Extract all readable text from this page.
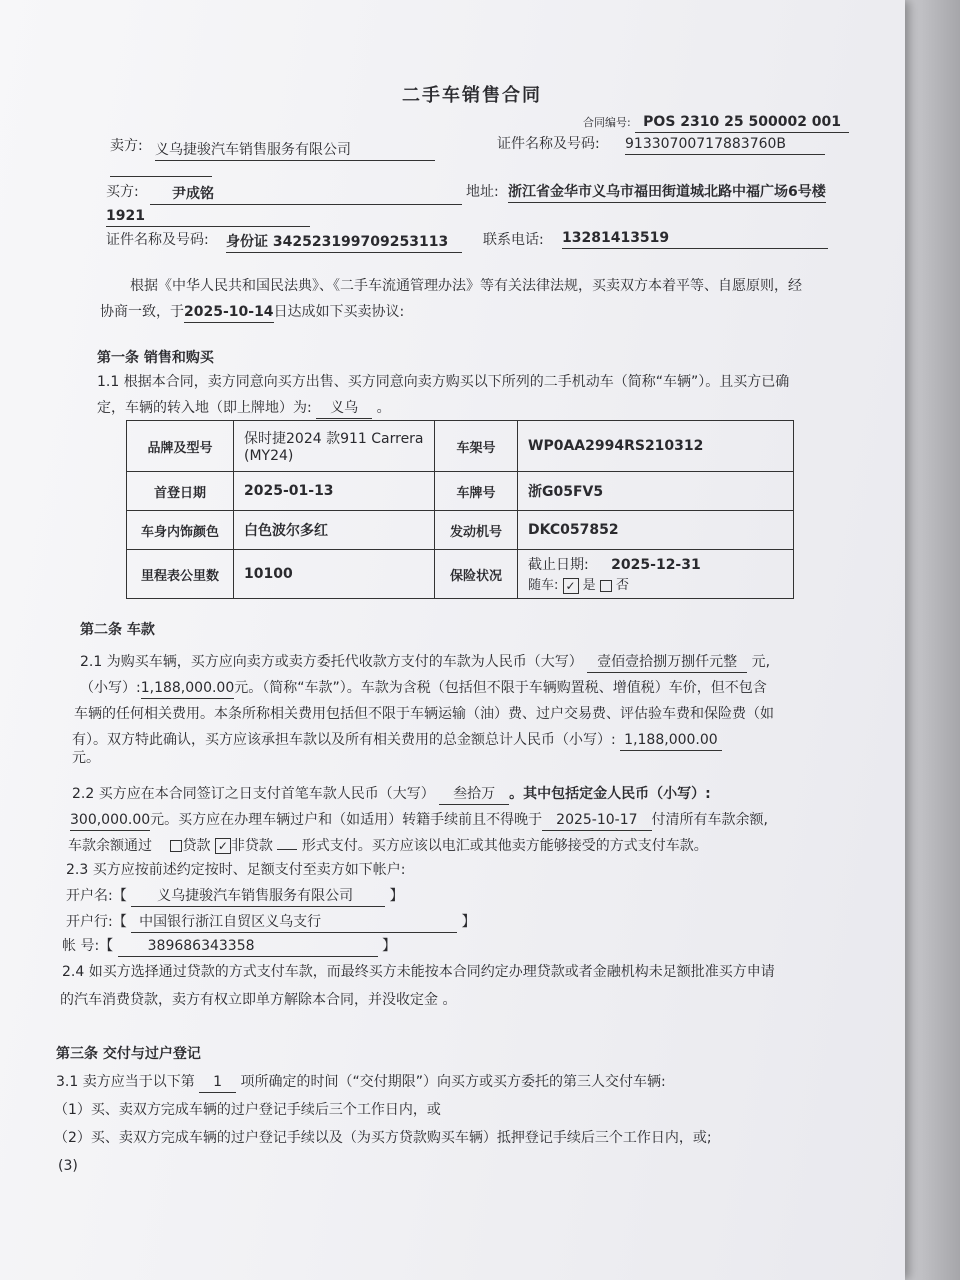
二手车销售合同
合同编号: POS 2310 25 500002 001
卖方: 义乌捷骏汽车销售服务有限公司	证件名称及号码: 91330700717883760B
买方:	尹成铭	地址: 浙江省金华市义乌市福田街道城北路中福广场6号楼
1921
证件名称及号码: 身份证 342523199709253113	联系电话: 13281413519
根据《中华人民共和国民法典》、《二手车流通管理办法》等有关法律法规，买卖双方本着平等、自愿原则，经
协商一致，于2025-10-14日达成如下买卖协议:
第一条 销售和购买
1.1 根据本合同，卖方同意向买方出售、买方同意向卖方购买以下所列的二手机动车（简称“车辆”）。且买方已确
定，车辆的转入地（即上牌地）为: 义乌 。
品牌及型号	保时捷2024 款911 Carrera (MY24)	车架号	WP0AA2994RS210312
首登日期	2025-01-13	车牌号	浙G05FV5
车身内饰颜色	白色波尔多红	发动机号	DKC057852
里程表公里数	10100	保险状况	截止日期: 2025-12-31
随车: ✓ 是 否
第二条 车款
2.1 为购买车辆，买方应向卖方或卖方委托代收款方支付的车款为人民币（大写） 壹佰壹拾捌万捌仟元整 元,
（小写）:1,188,000.00元。（简称“车款”）。车款为含税（包括但不限于车辆购置税、增值税）车价，但不包含
车辆的任何相关费用。本条所称相关费用包括但不限于车辆运输（油）费、过户交易费、评估验车费和保险费（如
有）。双方特此确认，买方应该承担车款以及所有相关费用的总金额总计人民币（小写）: 1,188,000.00
元。
2.2 买方应在本合同签订之日支付首笔车款人民币（大写） 叁拾万 。其中包括定金人民币（小写）:
300,000.00元。买方应在办理车辆过户和（如适用）转籍手续前且不得晚于 2025-10-17 付清所有车款余额,
车款余额通过 贷款 ✓ 非贷款 形式支付。买方应该以电汇或其他卖方能够接受的方式支付车款。
2.3 买方应按前述约定按时、足额支付至卖方如下帐户:
开户名:【 义乌捷骏汽车销售服务有限公司	】
开户行:【 中国银行浙江自贸区义乌支行	】
帐 号:【 389686343358	】
2.4 如买方选择通过贷款的方式支付车款，而最终买方未能按本合同约定办理贷款或者金融机构未足额批准买方申请
的汽车消费贷款，卖方有权立即单方解除本合同，并没收定金 。
第三条 交付与过户登记
3.1 卖方应当于以下第 1 项所确定的时间（“交付期限”）向买方或买方委托的第三人交付车辆:
（1）买、卖双方完成车辆的过户登记手续后三个工作日内，或
（2）买、卖双方完成车辆的过户登记手续以及（为买方贷款购买车辆）抵押登记手续后三个工作日内，或;
(3)
